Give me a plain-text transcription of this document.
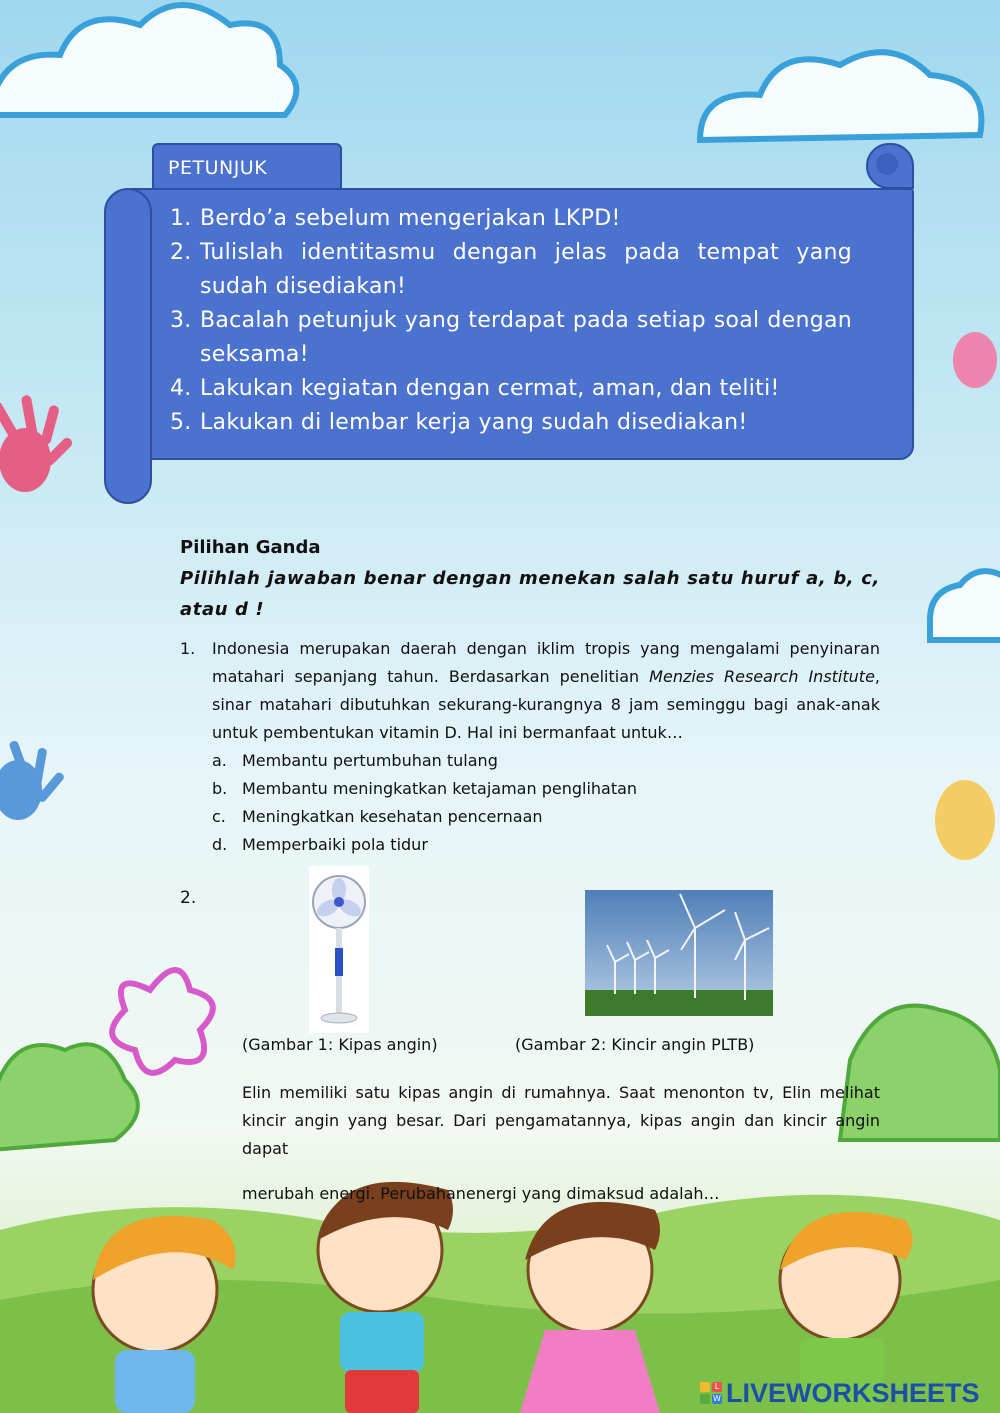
PETUNJUK
1. Berdo’a sebelum mengerjakan LKPD!
2. Tulislah identitasmu dengan jelas pada tempat yang sudah disediakan!
3. Bacalah petunjuk yang terdapat pada setiap soal dengan seksama!
4. Lakukan kegiatan dengan cermat, aman, dan teliti!
5. Lakukan di lembar kerja yang sudah disediakan!

Pilihan Ganda

Pilihlah jawaban benar dengan menekan salah satu huruf a, b, c, atau d !

1. Indonesia merupakan daerah dengan iklim tropis yang mengalami penyinaran matahari sepanjang tahun. Berdasarkan penelitian Menzies Research Institute, sinar matahari dibutuhkan sekurang-kurangnya 8 jam seminggu bagi anak-anak untuk pembentukan vitamin D. Hal ini bermanfaat untuk…
a. Membantu pertumbuhan tulang
b. Membantu meningkatkan ketajaman penglihatan
c. Meningkatkan kesehatan pencernaan
d. Memperbaiki pola tidur
2.
(Gambar 1: Kipas angin)	(Gambar 2: Kincir angin PLTB)
Elin memiliki satu kipas angin di rumahnya. Saat menonton tv, Elin melihat kincir angin yang besar. Dari pengamatannya, kipas angin dan kincir angin dapat
merubah energi. Perubahanenergi yang dimaksud adalah…
L
W LIVEWORKSHEETS
